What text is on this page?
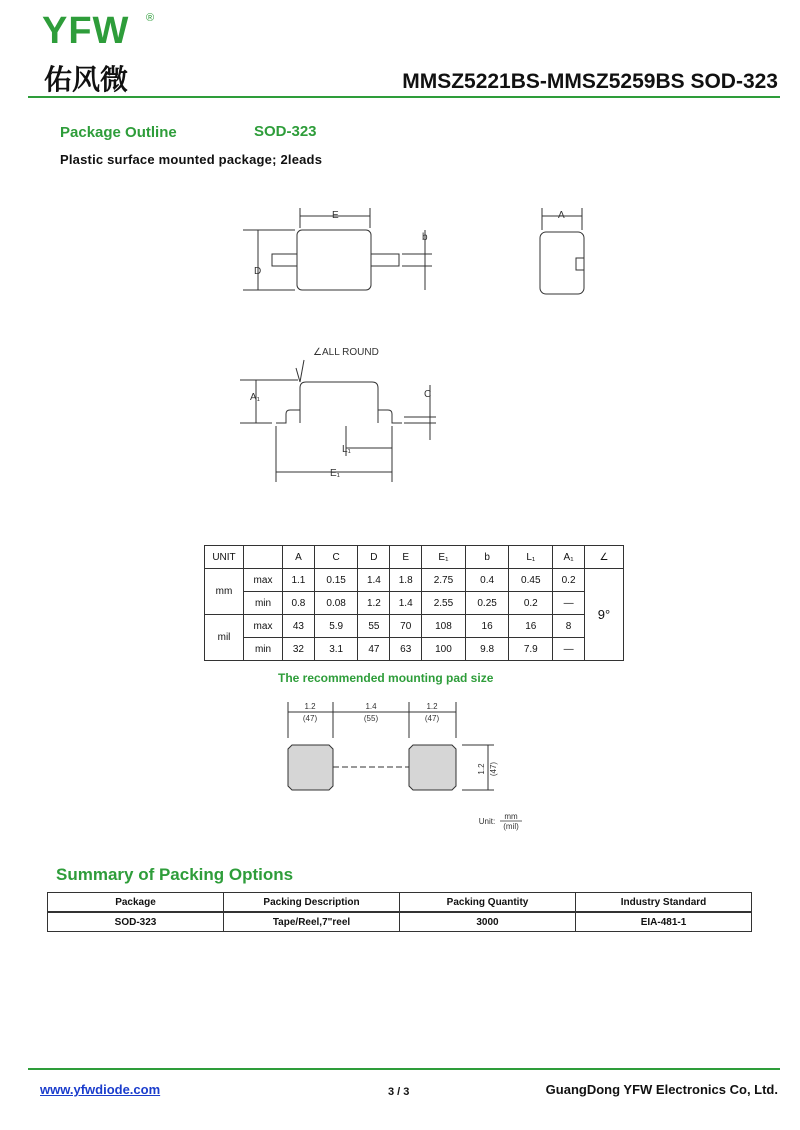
YFW ®
佑风微	MMSZ5221BS-MMSZ5259BS SOD-323
Package Outline	SOD-323
Plastic surface mounted package; 2leads
E
b
D
A
∠ALL ROUND
A₁	C
L₁
E₁
UNIT		A	C	D	E	E₁	b	L₁	A₁	∠
mm	max	1.1	0.15	1.4	1.8	2.75	0.4	0.45	0.2	9°
	min	0.8	0.08	1.2	1.4	2.55	0.25	0.2	—	
mil	max	43	5.9	55	70	108	16	16	8	
	min	32	3.1	47	63	100	9.8	7.9	—	
The recommended mounting pad size
1.2
(47)
1.4
(55)
1.2
(47)
1.2 (47)
Unit:
mm
(mil)
Summary of Packing Options
Package	Packing Description	Packing Quantity	Industry Standard
SOD-323	Tape/Reel,7"reel	3000	EIA-481-1
www.yfwdiode.com	3 / 3	GuangDong YFW Electronics Co, Ltd.
